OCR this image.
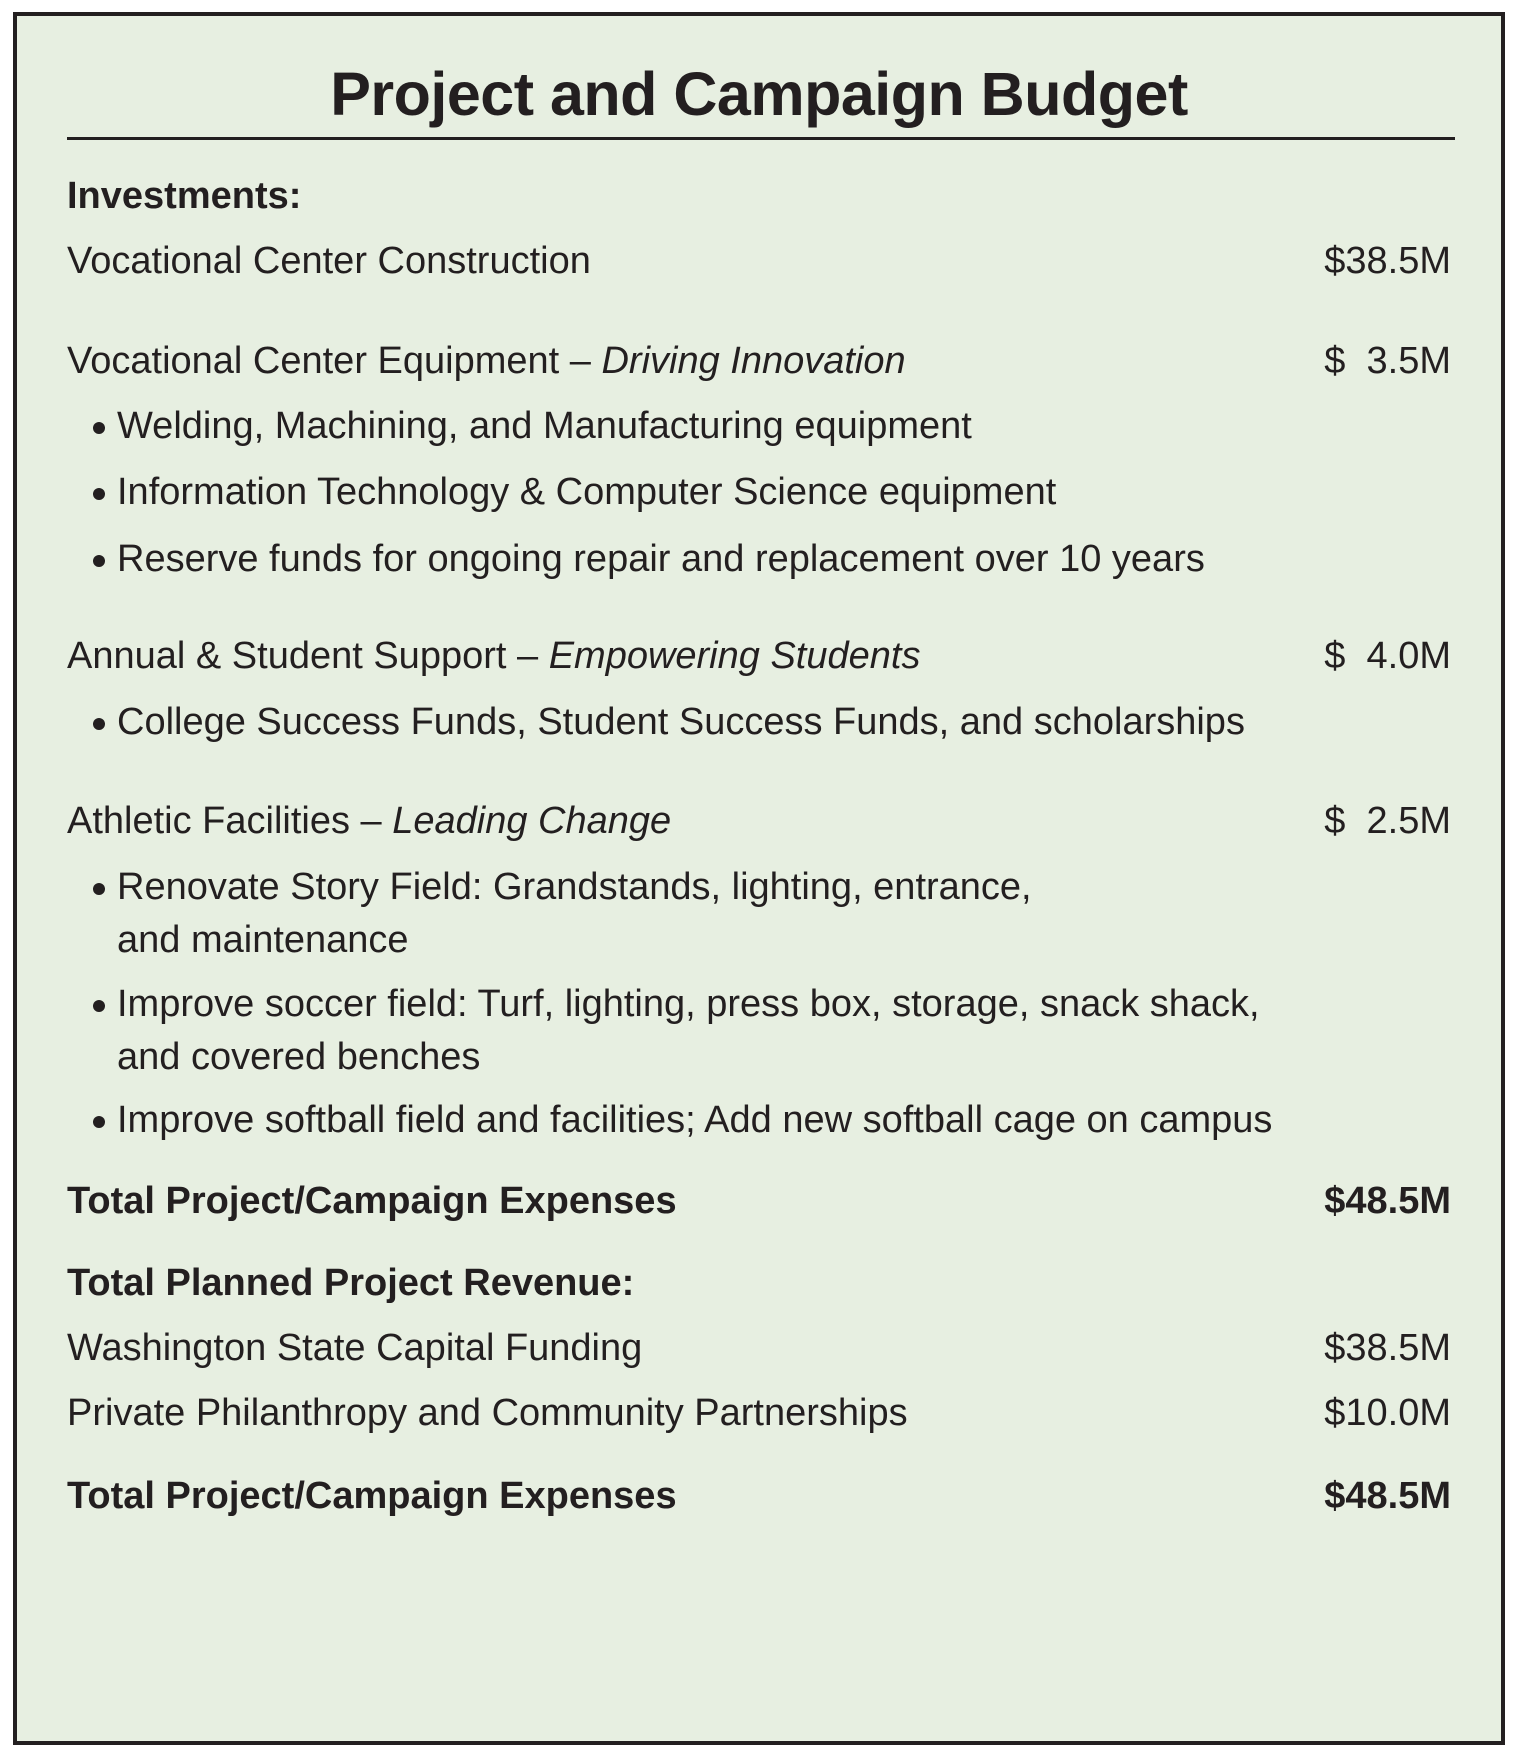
Project and Campaign Budget
Investments:
Vocational Center Construction	$38.5M
Vocational Center Equipment – Driving Innovation	$  3.5M
Welding, Machining, and Manufacturing equipment
Information Technology & Computer Science equipment
Reserve funds for ongoing repair and replacement over 10 years
Annual & Student Support – Empowering Students	$  4.0M
College Success Funds, Student Success Funds, and scholarships
Athletic Facilities – Leading Change	$  2.5M
Renovate Story Field: Grandstands, lighting, entrance, and maintenance
Improve soccer field: Turf, lighting, press box, storage, snack shack, and covered benches
Improve softball field and facilities; Add new softball cage on campus
Total Project/Campaign Expenses	$48.5M
Total Planned Project Revenue:
Washington State Capital Funding	$38.5M
Private Philanthropy and Community Partnerships	$10.0M
Total Project/Campaign Expenses	$48.5M
